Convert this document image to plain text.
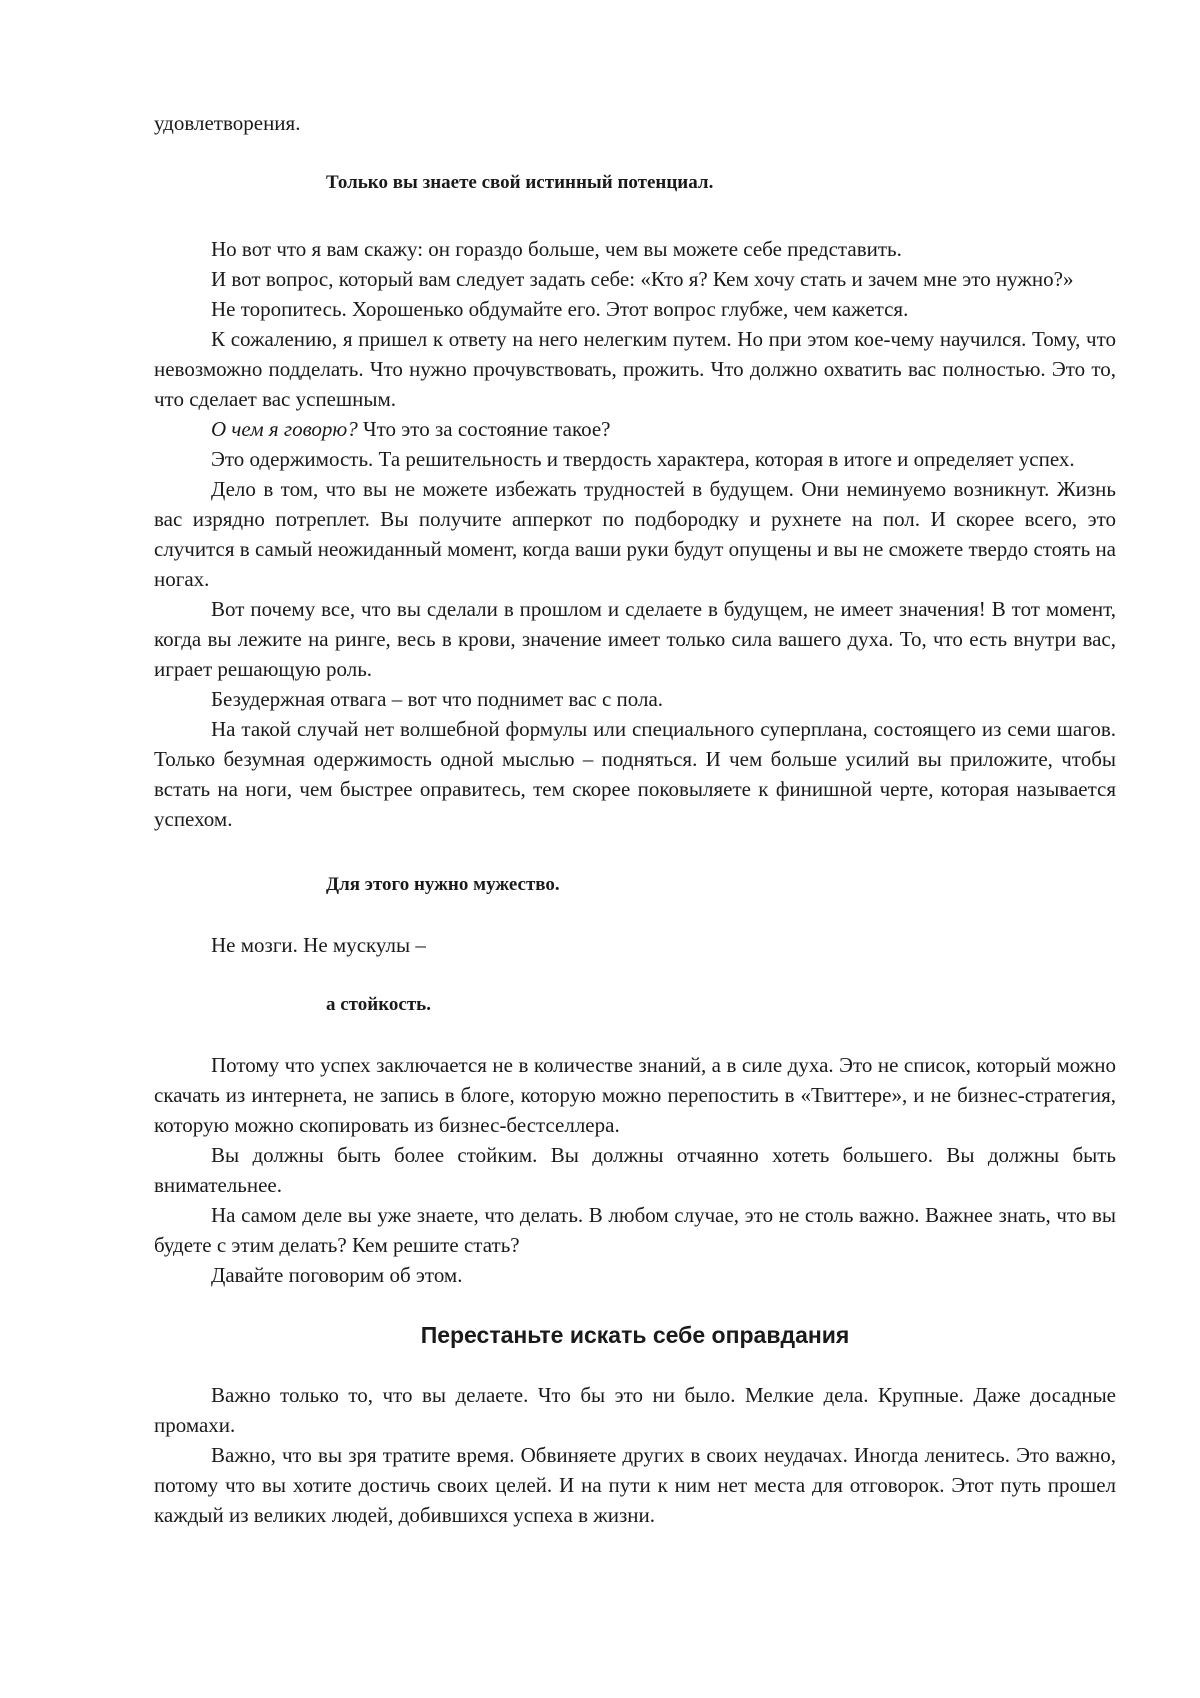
удовлетворения.

Только вы знаете свой истинный потенциал.

Но вот что я вам скажу: он гораздо больше, чем вы можете себе представить.

И вот вопрос, который вам следует задать себе: «Кто я? Кем хочу стать и зачем мне это нужно?»

Не торопитесь. Хорошенько обдумайте его. Этот вопрос глубже, чем кажется.

К сожалению, я пришел к ответу на него нелегким путем. Но при этом кое-чему научился. Тому, что невозможно подделать. Что нужно прочувствовать, прожить. Что должно охватить вас полностью. Это то, что сделает вас успешным.

О чем я говорю? Что это за состояние такое?

Это одержимость. Та решительность и твердость характера, которая в итоге и определяет успех.

Дело в том, что вы не можете избежать трудностей в будущем. Они неминуемо возникнут. Жизнь вас изрядно потреплет. Вы получите апперкот по подбородку и рухнете на пол. И скорее всего, это случится в самый неожиданный момент, когда ваши руки будут опущены и вы не сможете твердо стоять на ногах.

Вот почему все, что вы сделали в прошлом и сделаете в будущем, не имеет значения! В тот момент, когда вы лежите на ринге, весь в крови, значение имеет только сила вашего духа. То, что есть внутри вас, играет решающую роль.

Безудержная отвага – вот что поднимет вас с пола.

На такой случай нет волшебной формулы или специального суперплана, состоящего из семи шагов. Только безумная одержимость одной мыслью – подняться. И чем больше усилий вы приложите, чтобы встать на ноги, чем быстрее оправитесь, тем скорее поковыляете к финишной черте, которая называется успехом.

Для этого нужно мужество.

Не мозги. Не мускулы –

а стойкость.

Потому что успех заключается не в количестве знаний, а в силе духа. Это не список, который можно скачать из интернета, не запись в блоге, которую можно перепостить в «Твиттере», и не бизнес-стратегия, которую можно скопировать из бизнес-бестселлера.

Вы должны быть более стойким. Вы должны отчаянно хотеть большего. Вы должны быть внимательнее.

На самом деле вы уже знаете, что делать. В любом случае, это не столь важно. Важнее знать, что вы будете с этим делать? Кем решите стать?

Давайте поговорим об этом.

Перестаньте искать себе оправдания

Важно только то, что вы делаете. Что бы это ни было. Мелкие дела. Крупные. Даже досадные промахи.

Важно, что вы зря тратите время. Обвиняете других в своих неудачах. Иногда ленитесь. Это важно, потому что вы хотите достичь своих целей. И на пути к ним нет места для отговорок. Этот путь прошел каждый из великих людей, добившихся успеха в жизни.
